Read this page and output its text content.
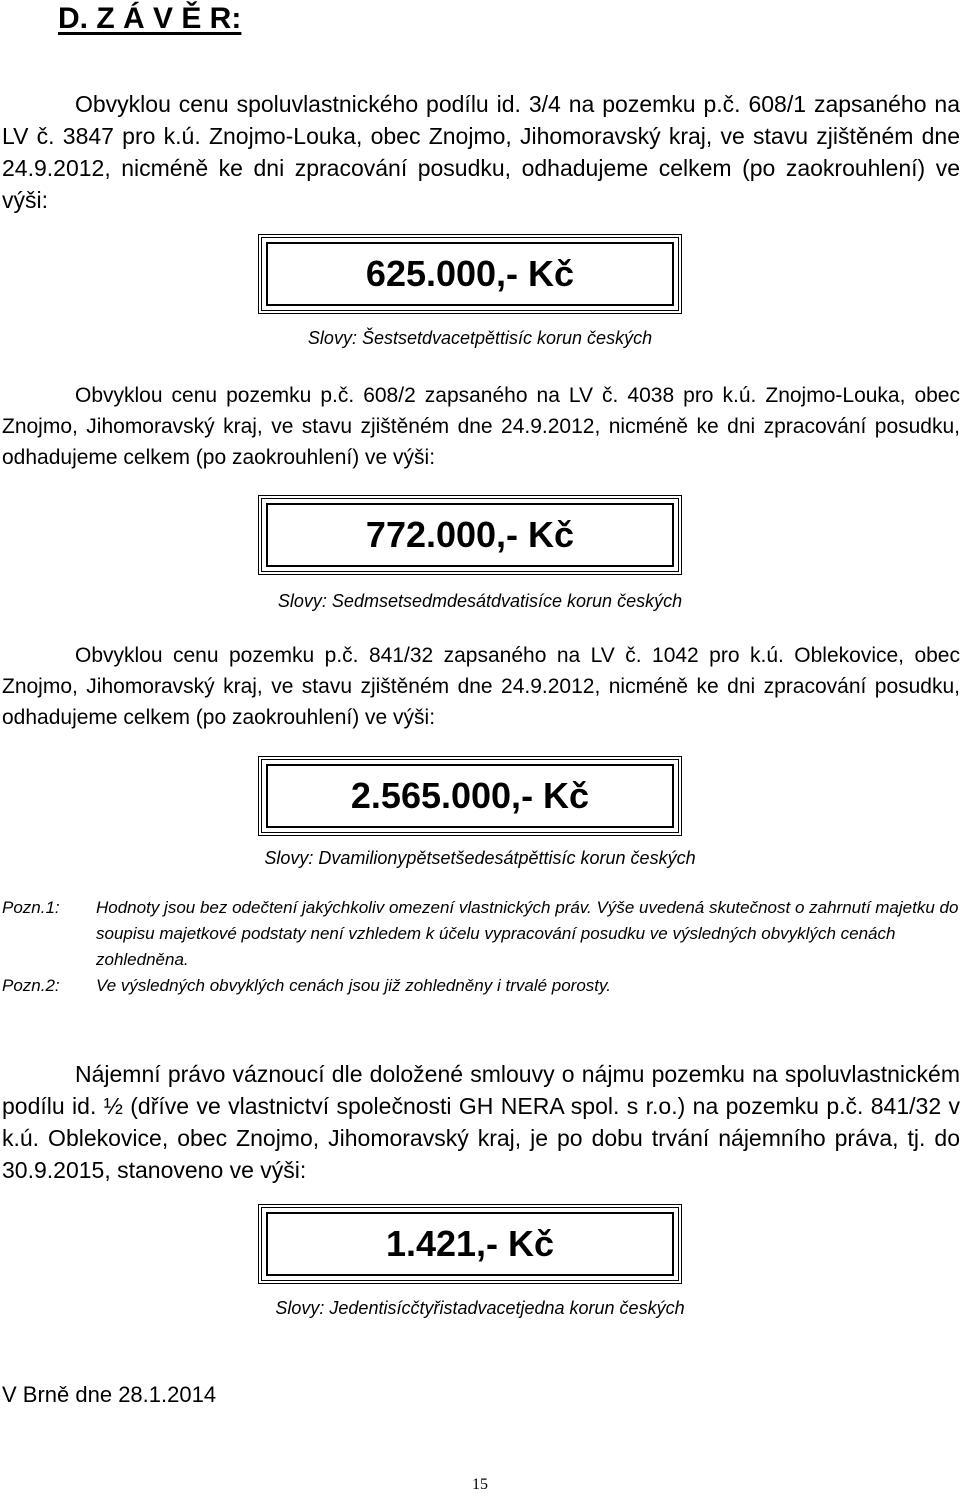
D. Z Á V Ě R:

Obvyklou cenu spoluvlastnického podílu id. 3/4 na pozemku p.č. 608/1 zapsaného na LV č. 3847 pro k.ú. Znojmo-Louka, obec Znojmo, Jihomoravský kraj, ve stavu zjištěném dne 24.9.2012, nicméně ke dni zpracování posudku, odhadujeme celkem (po zaokrouhlení) ve výši:

625.000,- Kč

Slovy: Šestsetdvacetpěttisíc korun českých

Obvyklou cenu pozemku p.č. 608/2 zapsaného na LV č. 4038 pro k.ú. Znojmo-Louka, obec Znojmo, Jihomoravský kraj, ve stavu zjištěném dne 24.9.2012, nicméně ke dni zpracování posudku, odhadujeme celkem (po zaokrouhlení) ve výši:

772.000,- Kč

Slovy: Sedmsetsedmdesátdvatisíce korun českých

Obvyklou cenu pozemku p.č. 841/32 zapsaného na LV č. 1042 pro k.ú. Oblekovice, obec Znojmo, Jihomoravský kraj, ve stavu zjištěném dne 24.9.2012, nicméně ke dni zpracování posudku, odhadujeme celkem (po zaokrouhlení) ve výši:

2.565.000,- Kč

Slovy: Dvamilionypětsetšedesátpěttisíc korun českých

Pozn.1:	Hodnoty jsou bez odečtení jakýchkoliv omezení vlastnických práv. Výše uvedená skutečnost o zahrnutí majetku do soupisu majetkové podstaty není vzhledem k účelu vypracování posudku ve výsledných obvyklých cenách zohledněna.
Pozn.2:	Ve výsledných obvyklých cenách jsou již zohledněny i trvalé porosty.

Nájemní právo váznoucí dle doložené smlouvy o nájmu pozemku na spoluvlastnickém podílu id. ½ (dříve ve vlastnictví společnosti GH NERA spol. s r.o.) na pozemku p.č. 841/32 v k.ú. Oblekovice, obec Znojmo, Jihomoravský kraj, je po dobu trvání nájemního práva, tj. do 30.9.2015, stanoveno ve výši:

1.421,- Kč

Slovy: Jedentisícčtyřistadvacetjedna korun českých

V Brně dne 28.1.2014

15
